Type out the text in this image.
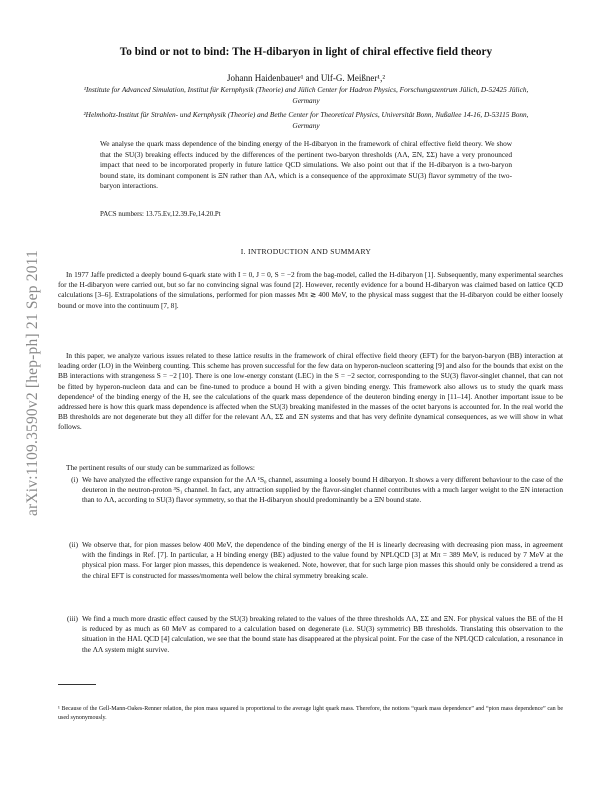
arXiv:1109.3590v2 [hep-ph] 21 Sep 2011
To bind or not to bind: The H-dibaryon in light of chiral effective field theory
Johann Haidenbauer¹ and Ulf-G. Meißner¹,²
¹Institute for Advanced Simulation, Institut für Kernphysik (Theorie) and Jülich Center for Hadron Physics, Forschungszentrum Jülich, D-52425 Jülich, Germany
²Helmholtz-Institut für Strahlen- und Kernphysik (Theorie) and Bethe Center for Theoretical Physics, Universität Bonn, Nußallee 14-16, D-53115 Bonn, Germany
We analyse the quark mass dependence of the binding energy of the H-dibaryon in the framework of chiral effective field theory. We show that the SU(3) breaking effects induced by the differences of the pertinent two-baryon thresholds (ΛΛ, ΞN, ΣΣ) have a very pronounced impact that need to be incorporated properly in future lattice QCD simulations. We also point out that if the H-dibaryon is a two-baryon bound state, its dominant component is ΞN rather than ΛΛ, which is a consequence of the approximate SU(3) flavor symmetry of the two-baryon interactions.
PACS numbers: 13.75.Ev,12.39.Fe,14.20.Pt
I. INTRODUCTION AND SUMMARY
In 1977 Jaffe predicted a deeply bound 6-quark state with I = 0, J = 0, S = −2 from the bag-model, called the H-dibaryon [1]. Subsequently, many experimental searches for the H-dibaryon were carried out, but so far no convincing signal was found [2]. However, recently evidence for a bound H-dibaryon was claimed based on lattice QCD calculations [3–6]. Extrapolations of the simulations, performed for pion masses Mπ ≳ 400 MeV, to the physical mass suggest that the H-dibaryon could be either loosely bound or move into the continuum [7, 8].
In this paper, we analyze various issues related to these lattice results in the framework of chiral effective field theory (EFT) for the baryon-baryon (BB) interaction at leading order (LO) in the Weinberg counting. This scheme has proven successful for the few data on hyperon-nucleon scattering [9] and also for the bounds that exist on the BB interactions with strangeness S = −2 [10]. There is one low-energy constant (LEC) in the S = −2 sector, corresponding to the SU(3) flavor-singlet channel, that can not be fitted by hyperon-nucleon data and can be fine-tuned to produce a bound H with a given binding energy. This framework also allows us to study the quark mass dependence¹ of the binding energy of the H, see the calculations of the quark mass dependence of the deuteron binding energy in [11–14]. Another important issue to be addressed here is how this quark mass dependence is affected when the SU(3) breaking manifested in the masses of the octet baryons is accounted for. In the real world the BB thresholds are not degenerate but they all differ for the relevant ΛΛ, ΣΣ and ΞN systems and that has very definite dynamical consequences, as we will show in what follows.
The pertinent results of our study can be summarized as follows:
(i) We have analyzed the effective range expansion for the ΛΛ ¹S₀ channel, assuming a loosely bound H dibaryon. It shows a very different behaviour to the case of the deuteron in the neutron-proton ³S₁ channel. In fact, any attraction supplied by the flavor-singlet channel contributes with a much larger weight to the ΞN interaction than to ΛΛ, according to SU(3) flavor symmetry, so that the H-dibaryon should predominantly be a ΞN bound state.
(ii) We observe that, for pion masses below 400 MeV, the dependence of the binding energy of the H is linearly decreasing with decreasing pion mass, in agreement with the findings in Ref. [7]. In particular, a H binding energy (BE) adjusted to the value found by NPLQCD [3] at Mπ = 389 MeV, is reduced by 7 MeV at the physical pion mass. For larger pion masses, this dependence is weakened. Note, however, that for such large pion masses this should only be considered a trend as the chiral EFT is constructed for masses/momenta well below the chiral symmetry breaking scale.
(iii) We find a much more drastic effect caused by the SU(3) breaking related to the values of the three thresholds ΛΛ, ΣΣ and ΞN. For physical values the BE of the H is reduced by as much as 60 MeV as compared to a calculation based on degenerate (i.e. SU(3) symmetric) BB thresholds. Translating this observation to the situation in the HAL QCD [4] calculation, we see that the bound state has disappeared at the physical point. For the case of the NPLQCD calculation, a resonance in the ΛΛ system might survive.
¹ Because of the Gell-Mann-Oakes-Renner relation, the pion mass squared is proportional to the average light quark mass. Therefore, the notions “quark mass dependence” and “pion mass dependence” can be used synonymously.
